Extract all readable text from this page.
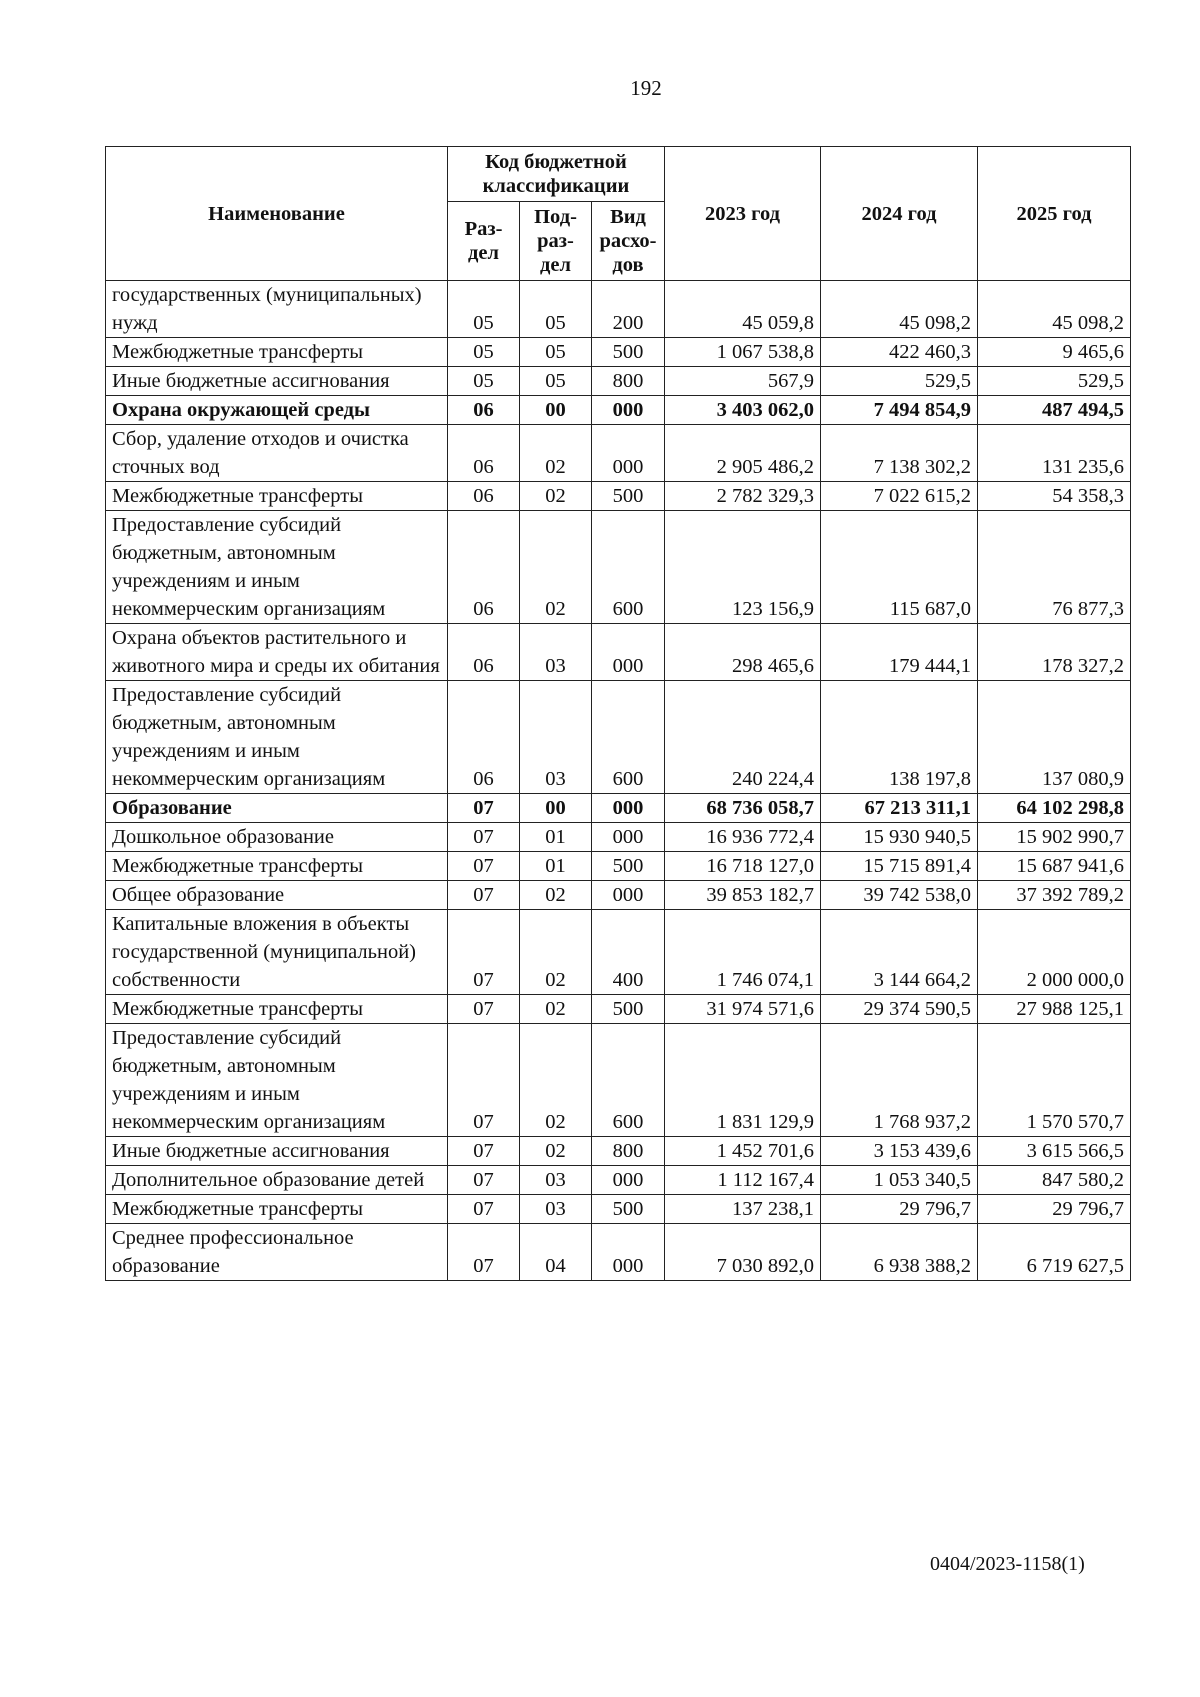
192
Наименование	Код бюджетной классификации			2023 год	2024 год	2025 год
	Раз-дел	Под-раз-дел	Вид расхо-дов			
государственных (муниципальных) нужд	05	05	200	45 059,8	45 098,2	45 098,2
Межбюджетные трансферты	05	05	500	1 067 538,8	422 460,3	9 465,6
Иные бюджетные ассигнования	05	05	800	567,9	529,5	529,5
Охрана окружающей среды	06	00	000	3 403 062,0	7 494 854,9	487 494,5
Сбор, удаление отходов и очистка сточных вод	06	02	000	2 905 486,2	7 138 302,2	131 235,6
Межбюджетные трансферты	06	02	500	2 782 329,3	7 022 615,2	54 358,3
Предоставление субсидий бюджетным, автономным учреждениям и иным некоммерческим организациям	06	02	600	123 156,9	115 687,0	76 877,3
Охрана объектов растительного и животного мира и среды их обитания	06	03	000	298 465,6	179 444,1	178 327,2
Предоставление субсидий бюджетным, автономным учреждениям и иным некоммерческим организациям	06	03	600	240 224,4	138 197,8	137 080,9
Образование	07	00	000	68 736 058,7	67 213 311,1	64 102 298,8
Дошкольное образование	07	01	000	16 936 772,4	15 930 940,5	15 902 990,7
Межбюджетные трансферты	07	01	500	16 718 127,0	15 715 891,4	15 687 941,6
Общее образование	07	02	000	39 853 182,7	39 742 538,0	37 392 789,2
Капитальные вложения в объекты государственной (муниципальной) собственности	07	02	400	1 746 074,1	3 144 664,2	2 000 000,0
Межбюджетные трансферты	07	02	500	31 974 571,6	29 374 590,5	27 988 125,1
Предоставление субсидий бюджетным, автономным учреждениям и иным некоммерческим организациям	07	02	600	1 831 129,9	1 768 937,2	1 570 570,7
Иные бюджетные ассигнования	07	02	800	1 452 701,6	3 153 439,6	3 615 566,5
Дополнительное образование детей	07	03	000	1 112 167,4	1 053 340,5	847 580,2
Межбюджетные трансферты	07	03	500	137 238,1	29 796,7	29 796,7
Среднее профессиональное образование	07	04	000	7 030 892,0	6 938 388,2	6 719 627,5
0404/2023-1158(1)
